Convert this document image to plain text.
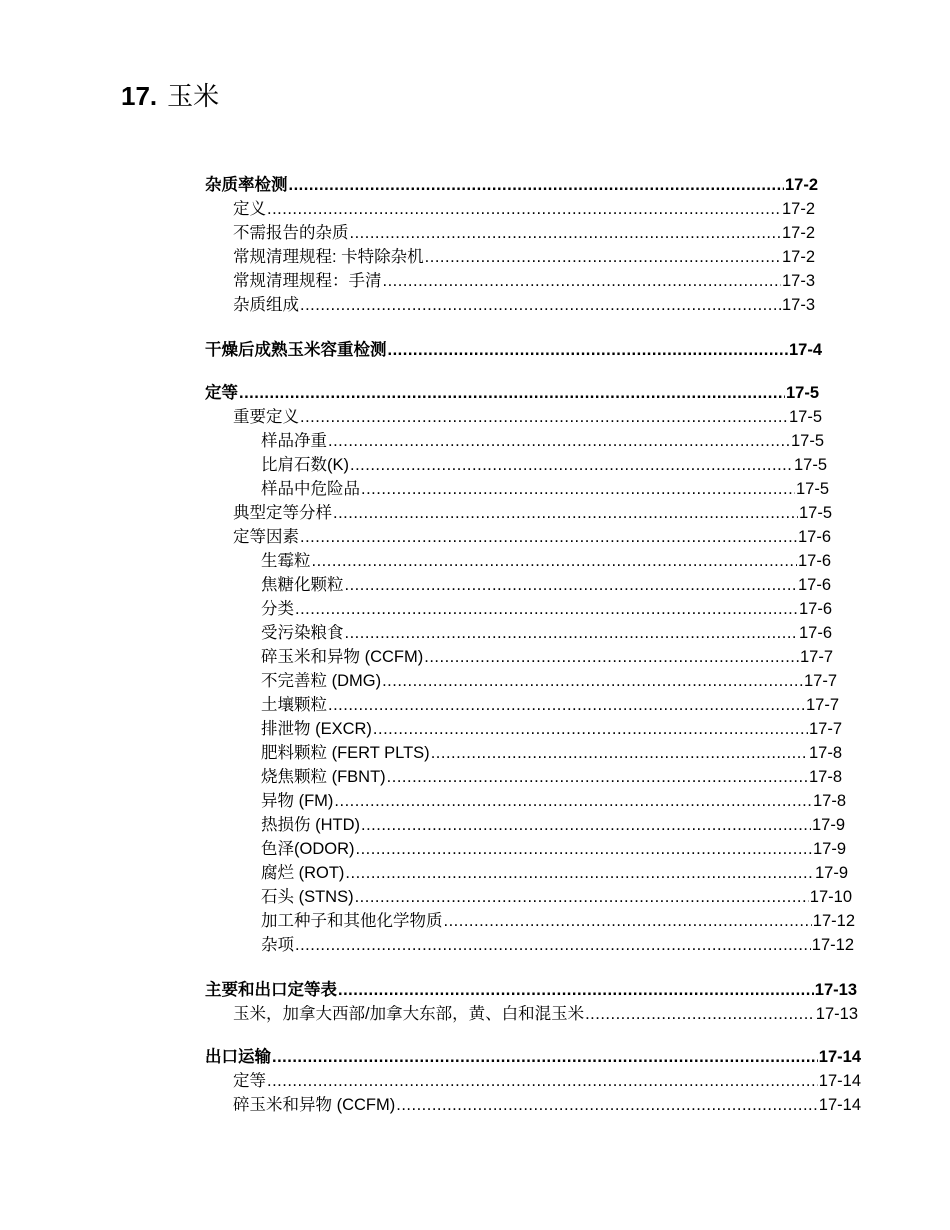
17. 玉米
杂质率检测 .....	17-2
定义 .....	17-2
不需报告的杂质 .....	17-2
常规清理规程: 卡特除杂机 .....	17-2
常规清理规程：手清 .....	17-3
杂质组成 .....	17-3
干燥后成熟玉米容重检测 .....	17-4
定等 .....	17-5
重要定义 .....	17-5
样品净重 .....	17-5
比肩石数(K) .....	17-5
样品中危险品 .....	17-5
典型定等分样 .....	17-5
定等因素 .....	17-6
生霉粒 .....	17-6
焦糖化颗粒 .....	17-6
分类 .....	17-6
受污染粮食 .....	17-6
碎玉米和异物 (CCFM) .....	17-7
不完善粒 (DMG) .....	17-7
土壤颗粒 .....	17-7
排泄物 (EXCR) .....	17-7
肥料颗粒 (FERT PLTS) .....	17-8
烧焦颗粒 (FBNT) .....	17-8
异物 (FM) .....	17-8
热损伤 (HTD) .....	17-9
色泽(ODOR) .....	17-9
腐烂 (ROT) .....	17-9
石头 (STNS) .....	17-10
加工种子和其他化学物质 .....	17-12
杂项 .....	17-12
主要和出口定等表 .....	17-13
玉米，加拿大西部/加拿大东部，黄、白和混玉米 .....	17-13
出口运输 .....	17-14
定等 .....	17-14
碎玉米和异物 (CCFM) .....	17-14
